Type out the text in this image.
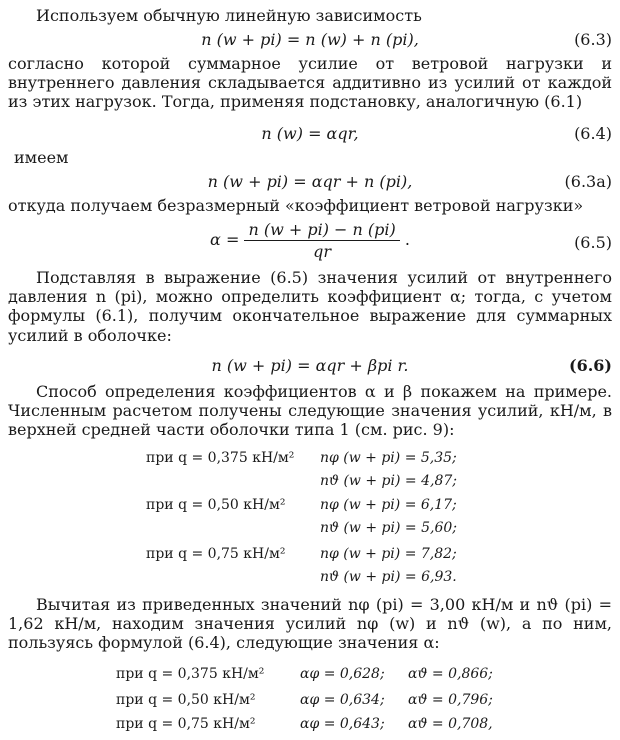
Используем обычную линейную зависимость

n (w + pi) = n (w) + n (pi),	(6.3)

согласно которой суммарное усилие от ветровой нагрузки и внутреннего давления складывается аддитивно из усилий от каждой из этих нагрузок. Тогда, применяя подстановку, аналогичную (6.1)

n (w) = αqr,	(6.4)

имеем

n (w + pi) = αqr + n (pi),	(6.3a)

откуда получаем безразмерный «коэффициент ветровой нагрузки»

$\alpha = \frac{n (w + pi) - n (pi)}{qr}$ .	(6.5)

Подставляя в выражение (6.5) значения усилий от внутреннего давления n (pi), можно определить коэффициент α; тогда, с учетом формулы (6.1), получим окончательное выражение для суммарных усилий в оболочке:

n (w + pi) = αqr + βpi r.	(6.6)

Способ определения коэффициентов α и β покажем на примере. Численным расчетом получены следующие значения усилий, кН/м, в верхней средней части оболочки типа 1 (см. рис. 9):

при q = 0,375 кН/м² nφ (w + pi) = 5,35;
nϑ (w + pi) = 4,87;
при q = 0,50 кН/м² nφ (w + pi) = 6,17;
nϑ (w + pi) = 5,60;
при q = 0,75 кН/м² nφ (w + pi) = 7,82;
nϑ (w + pi) = 6,93.

Вычитая из приведенных значений nφ (pi) = 3,00 кН/м и nϑ (pi) = 1,62 кН/м, находим значения усилий nφ (w) и nϑ (w), а по ним, пользуясь формулой (6.4), следующие значения α:

при q = 0,375 кН/м²	αφ = 0,628; αϑ = 0,866;
при q = 0,50 кН/м²	αφ = 0,634; αϑ = 0,796;
при q = 0,75 кН/м²	αφ = 0,643; αϑ = 0,708,
